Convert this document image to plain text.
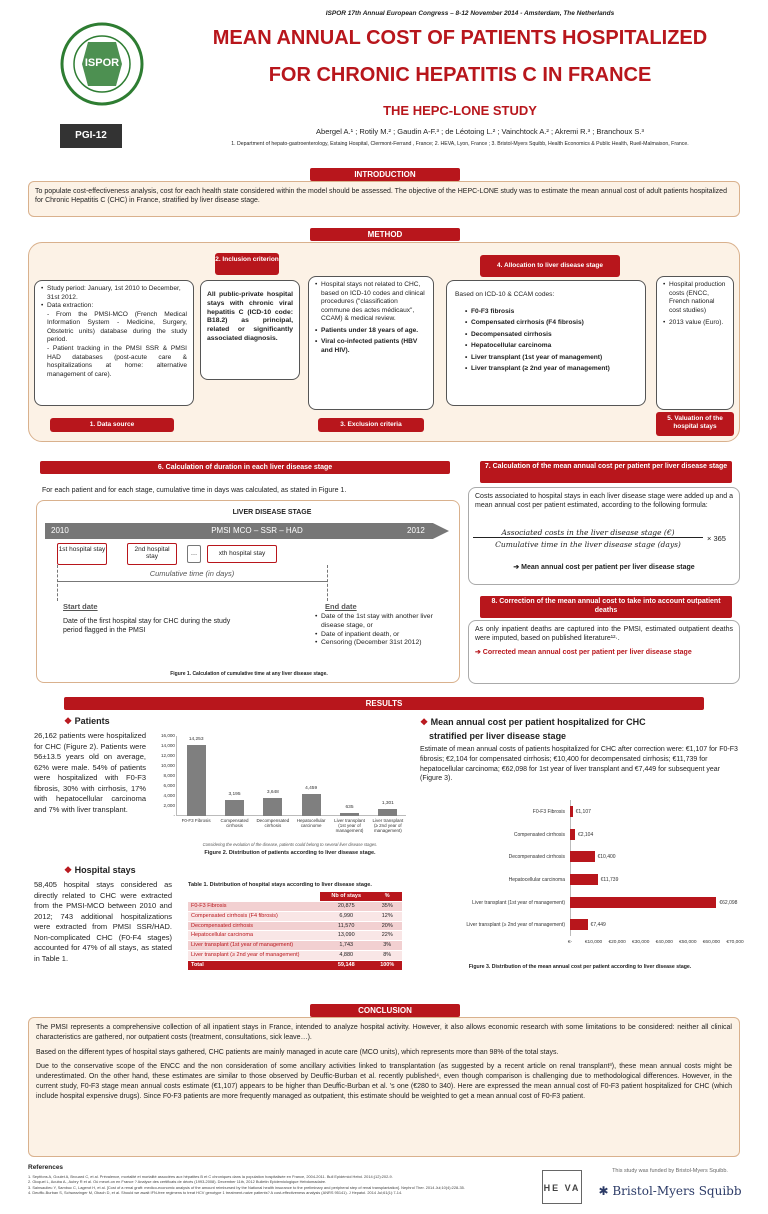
ISPOR 17th Annual European Congress – 8-12 November 2014 - Amsterdam, The Netherlands
ISPOR
PGI-12
MEAN ANNUAL COST OF PATIENTS HOSPITALIZED
FOR CHRONIC HEPATITIS C IN FRANCE
THE HEPC-LONE STUDY
Abergel A.¹ ; Rotily M.² ; Gaudin A-F.³ ; de Léotoing L.² ; Vainchtock A.² ; Akremi R.³ ; Branchoux S.³
1. Department of hepato-gastroenterology, Estaing Hospital, Clermont-Ferrand , France; 2. HEVA, Lyon, France ; 3. Bristol-Myers Squibb, Health Economics & Public Health, Rueil-Malmaison, France.
INTRODUCTION
To populate cost-effectiveness analysis, cost for each health state considered within the model should be assessed. The objective of the HEPC-LONE study was to estimate the mean annual cost of adult patients hospitalized for Chronic Hepatitis C (CHC) in France, stratified by liver disease stage.
METHOD
2. Inclusion criterion
4. Allocation to liver disease stage
• Study period: January, 1st 2010 to December, 31st 2012.
• Data extraction:
- From the PMSI-MCO (French Medical Information System - Medicine, Surgery, Obstetric units) database during the study period.
- Patient tracking in the PMSI SSR & PMSI HAD databases (post-acute care & hospitalizations at home: alternative management of care).
All public-private hospital stays with chronic viral hepatitis C (ICD-10 code: B18.2) as principal, related or significantly associated diagnosis.
• Hospital stays not related to CHC, based on ICD-10 codes and clinical procedures ("classification commune des actes médicaux", CCAM) & medical review.
• Patients under 18 years of age.
• Viral co-infected patients (HBV and HIV).
Based on ICD-10 & CCAM codes:
• F0-F3 fibrosis
• Compensated cirrhosis (F4 fibrosis)
• Decompensated cirrhosis
• Hepatocellular carcinoma
• Liver transplant (1st year of management)
• Liver transplant (≥ 2nd year of management)
• Hospital production costs (ENCC, French national cost studies)
• 2013 value (Euro).
1. Data source	3. Exclusion criteria
5. Valuation of the hospital stays
6. Calculation of duration in each liver disease stage
For each patient and for each stage, cumulative time in days was calculated, as stated in Figure 1.
LIVER DISEASE STAGE
2010	PMSI MCO – SSR – HAD	2012
1st hospital stay	2nd hospital stay	…	xth hospital stay
Cumulative time (in days)
Start date
Date of the first hospital stay for CHC during the study period flagged in the PMSI
End date
• Date of the 1st stay with another liver disease stage, or
• Date of inpatient death, or
• Censoring (December 31st 2012)
Figure 1. Calculation of cumulative time at any liver disease stage.
7. Calculation of the mean annual cost per patient per liver disease stage
Costs associated to hospital stays in each liver disease stage were added up and a mean annual cost per patient estimated, according to the following formula:
Associated costs in the liver disease stage (€)
Cumulative time in the liver disease stage (days)
× 365
➔ Mean annual cost per patient per liver disease stage
8. Correction of the mean annual cost to take into account outpatient deaths
As only inpatient deaths are captured into the PMSI, estimated outpatient deaths were imputed, based on published literature¹²·.
➔ Corrected mean annual cost per patient per liver disease stage
RESULTS
❖ Patients
26,162 patients were hospitalized for CHC (Figure 2). Patients were 56±13.5 years old on average, 62% were male. 54% of patients were hospitalized with F0-F3 fibrosis, 30% with cirrhosis, 17% with hepatocellular carcinoma and 7% with liver transplant.
16,000
14,000
12,000
10,000
8,000
6,000
4,000
2,000
-
14,253
F0-F3 Fibrosis
3,195
Compensated cirrhosis
3,648
Decompensated cirrhosis
4,459
Hepatocellular carcinome
635
Liver transplant (1st year of management)
1,301
Liver transplant (≥ 2nd year of management)
Considering the evolution of the disease, patients could belong to several liver disease stages.
Figure 2. Distribution of patients according to liver disease stage.
❖ Hospital stays
58,405 hospital stays considered as directly related to CHC were extracted from the PMSI-MCO between 2010 and 2012; 743 additional hospitalizations were extracted from PMSI SSR/HAD. Non-complicated CHC (F0-F4 stages) accounted for 47% of all stays, as stated in Table 1.
Table 1. Distribution of hospital stays according to liver disease stage.
	Nb of stays	%
F0-F3 Fibrosis	20,875	35%
Compensated cirrhosis (F4 fibrosis)	6,990	12%
Decompensated cirrhosis	11,570	20%
Hepatocellular carcinoma	13,090	22%
Liver transplant (1st year of management)	1,743	3%
Liver transplant (≥ 2nd year of management)	4,880	8%
Total	59,148	100%
❖ Mean annual cost per patient hospitalized for CHC
stratified per liver disease stage
Estimate of mean annual costs of patients hospitalized for CHC after correction were: €1,107 for F0-F3 fibrosis; €2,104 for compensated cirrhosis; €10,400 for decompensated cirrhosis; €11,739 for hepatocellular carcinoma; €62,098 for 1st year of liver transplant and €7,449 for subsequent year (Figure 3).
F0-F3 Fibrosis €1,107
Compensated cirrhosis	€2,104
Decompensated cirrhosis	€10,400
Hepatocellular carcinoma	€11,739
Liver transplant (1st year of management)	€62,098
Liver transplant (≥ 2nd year of management)	€7,449
€-	€10,000	€20,000	€30,000	€40,000	€50,000	€60,000	€70,000
Figure 3. Distribution of the mean annual cost per patient according to liver disease stage.
CONCLUSION

The PMSI represents a comprehensive collection of all inpatient stays in France, intended to analyze hospital activity. However, it also allows economic research with some limitations to be considered: neither all clinical characteristics are gathered, nor outpatient costs (treatment, consultations, sick leave…).

Based on the different types of hospital stays gathered, CHC patients are mainly managed in acute care (MCO units), which represents more than 98% of the total stays.

Due to the conservative scope of the ENCC and the non consideration of some ancillary activities linked to transplantation (as suggested by a recent article on renal transplant³), these mean annual costs might be underestimated. On the other hand, these estimates are similar to those observed by Deuffic-Burban et al. recently published⁴, even though comparison is challenging due to methodological differences. However, in the current study, F0-F3 stage mean annual costs estimate (€1,107) appears to be higher than Deuffic-Burban et al. 's one (€280 to 340). Here are expressed the mean annual cost of F0-F3 patient hospitalized for CHC (which include hospital expensive drugs). Since F0-F3 patients are more frequently managed as outpatient, this estimate should be weighted to get a mean annual cost of F0-F3 patient.

References
1. Septfons A, Goulet A, Brouard C, et al. Prévalence, mortalité et mortalité associées aux hépatites B et C chroniques dans la population hospitalisée en France, 2004-2011. Bull Epidémiol Hebd. 2014;(12):202-9.
2. Gicquel L, Aouba A., Aubry R et al. Où meurt-on en France ? Analyse des certificats de décès (1993-2008). December 11th, 2012 Bulletin Epidemiologique Hebdomadaire.
3. Sainsaulieu Y, Sambuc C, Lagerot H, et al. [Cost of a renal graft: medico-economic analysis of the amount reimbursed by the National health insurance to the preliminary and peripheral step of renal transplantation]. Nephrol Ther. 2014 Jul;10(4):228-35.
4. Deuffic-Burban S, Schwarzinger M, Obach D, et al. Should we await IFN-free regimens to treat HCV genotype 1 treatment-naive patients? A cost-effectiveness analysis (ANRS 95141). J Hepatol. 2014 Jul;61(1):7-14.
This study was funded by Bristol-Myers Squibb.
HE VA	✱ Bristol-Myers Squibb
